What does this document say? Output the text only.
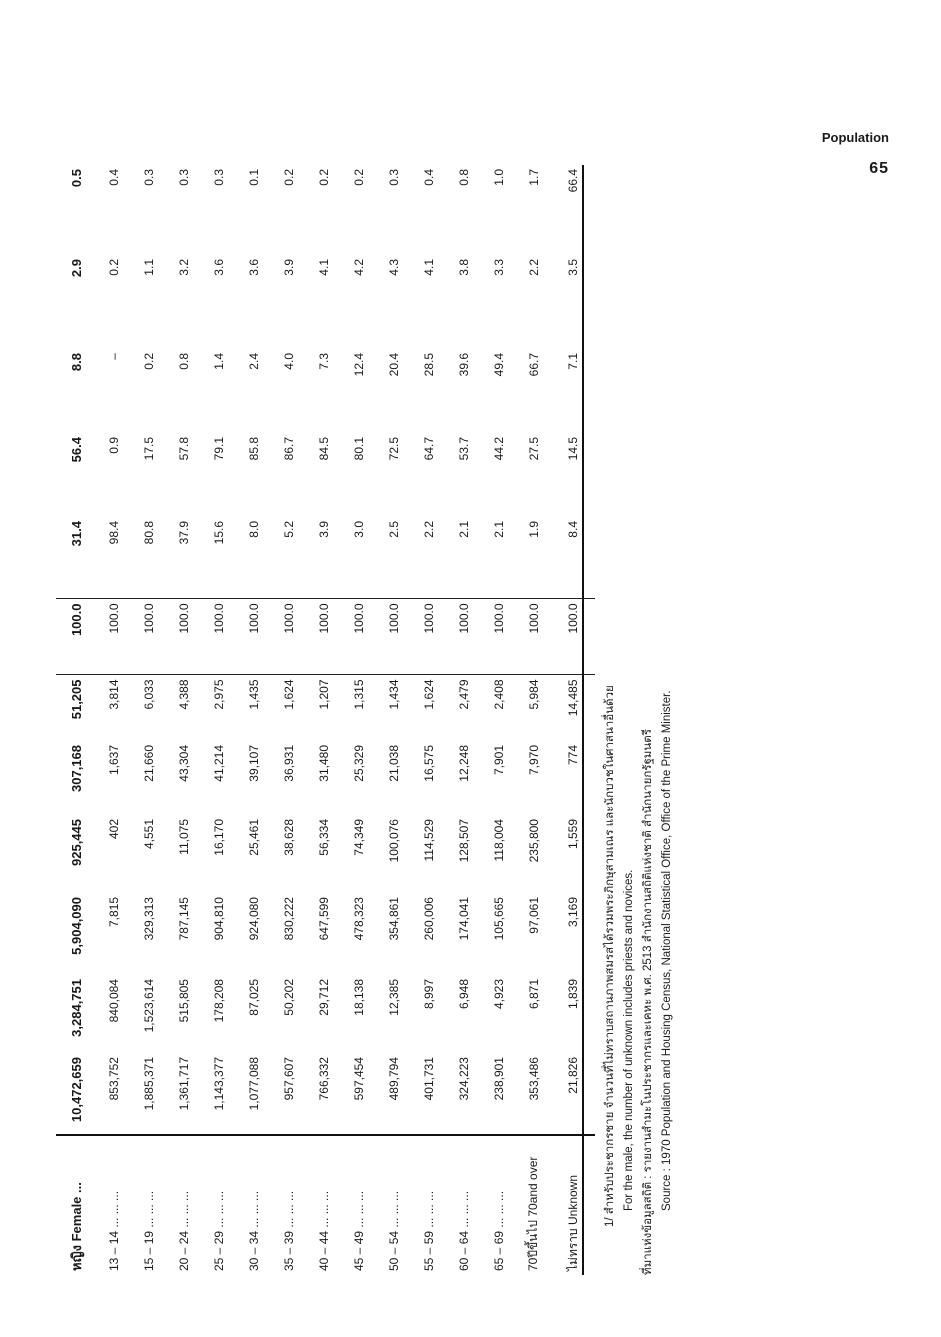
Population
65
หญิง Female ...	10,472,659	3,284,751	5,904,090	925,445	307,168	51,205	100.0	31.4	56.4	8.8	2.9	0.5
13 – 14 ... ... ...	853,752	840,084	7,815	402	1,637	3,814	100.0	98.4	0.9	–	0.2	0.4
15 – 19 ... ... ...	1,885,371	1,523,614	329,313	4,551	21,660	6,033	100.0	80.8	17.5	0.2	1.1	0.3
20 – 24 ... ... ...	1,361,717	515,805	787,145	11,075	43,304	4,388	100.0	37.9	57.8	0.8	3.2	0.3
25 – 29 ... ... ...	1,143,377	178,208	904,810	16,170	41,214	2,975	100.0	15.6	79.1	1.4	3.6	0.3
30 – 34 ... ... ...	1,077,088	87,025	924,080	25,461	39,107	1,435	100.0	8.0	85.8	2.4	3.6	0.1
35 – 39 ... ... ...	957,607	50,202	830,222	38,628	36,931	1,624	100.0	5.2	86.7	4.0	3.9	0.2
40 – 44 ... ... ...	766,332	29,712	647,599	56,334	31,480	1,207	100.0	3.9	84.5	7.3	4.1	0.2
45 – 49 ... ... ...	597,454	18,138	478,323	74,349	25,329	1,315	100.0	3.0	80.1	12.4	4.2	0.2
50 – 54 ... ... ...	489,794	12,385	354,861	100,076	21,038	1,434	100.0	2.5	72.5	20.4	4.3	0.3
55 – 59 ... ... ...	401,731	8,997	260,006	114,529	16,575	1,624	100.0	2.2	64.7	28.5	4.1	0.4
60 – 64 ... ... ...	324,223	6,948	174,041	128,507	12,248	2,479	100.0	2.1	53.7	39.6	3.8	0.8
65 – 69 ... ... ...	238,901	4,923	105,665	118,004	7,901	2,408	100.0	2.1	44.2	49.4	3.3	1.0
70ปีขึ้นไป 70and over	353,486	6,871	97,061	235,800	7,970	5,984	100.0	1.9	27.5	66.7	2.2	1.7
ไม่ทราบ Unknown	21,826	1,839	3,169	1,559	774	14,485	100.0	8.4	14.5	7.1	3.5	66.4
1/ สำหรับประชากรชาย จำนวนที่ไม่ทราบสถานภาพสมรสได้รวมพระภิกษุสามเณร และนักบวชในศาสนาอื่นด้วย For the male, the number of unknown includes priests and novices. ที่มาแห่งข้อมูลสถิติ : รายงานสำมะโนประชากรและเคหะ พ.ศ. 2513 สำนักงานสถิติแห่งชาติ สำนักนายกรัฐมนตรี Source : 1970 Population and Housing Census, National Statistical Office, Office of the Prime Minister.
